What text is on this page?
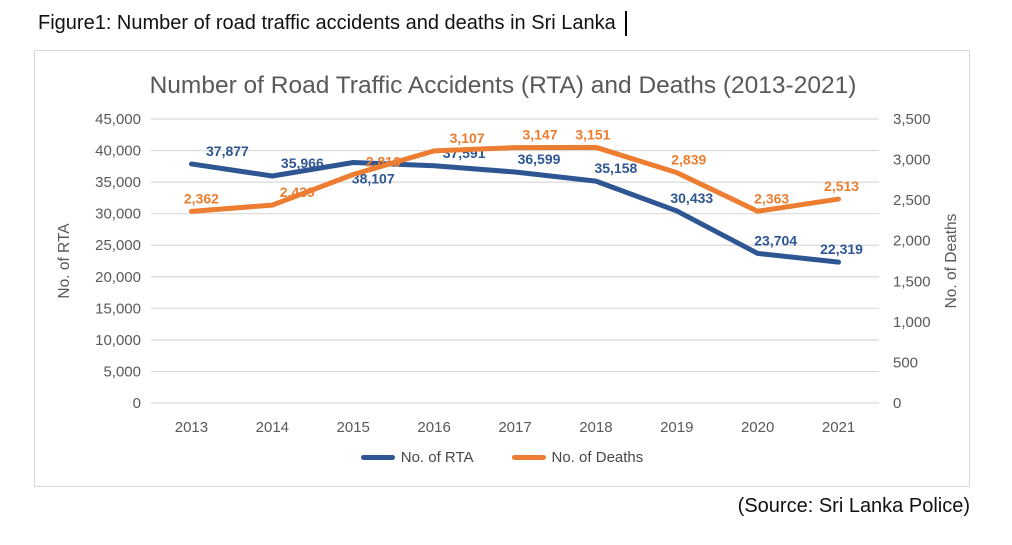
Figure1: Number of road traffic accidents and deaths in Sri Lanka
Number of Road Traffic Accidents (RTA) and Deaths (2013-2021)
0
5,000
10,000
15,000
20,000
25,000
30,000
35,000
40,000
45,000
0
500
1,000
1,500
2,000
2,500
3,000
3,500
2013	2014	2015	2016	2017	2018	2019	2020	2021
No. of RTA	No. of Deaths
37,877
35,966
38,107
37,591 36,599
35,158
30,433
23,704
22,319
2,362	2,439
2,816
3,107	3,147 3,151
2,839
2,363
2,513
No. of RTA	No. of Deaths
(Source: Sri Lanka Police)
